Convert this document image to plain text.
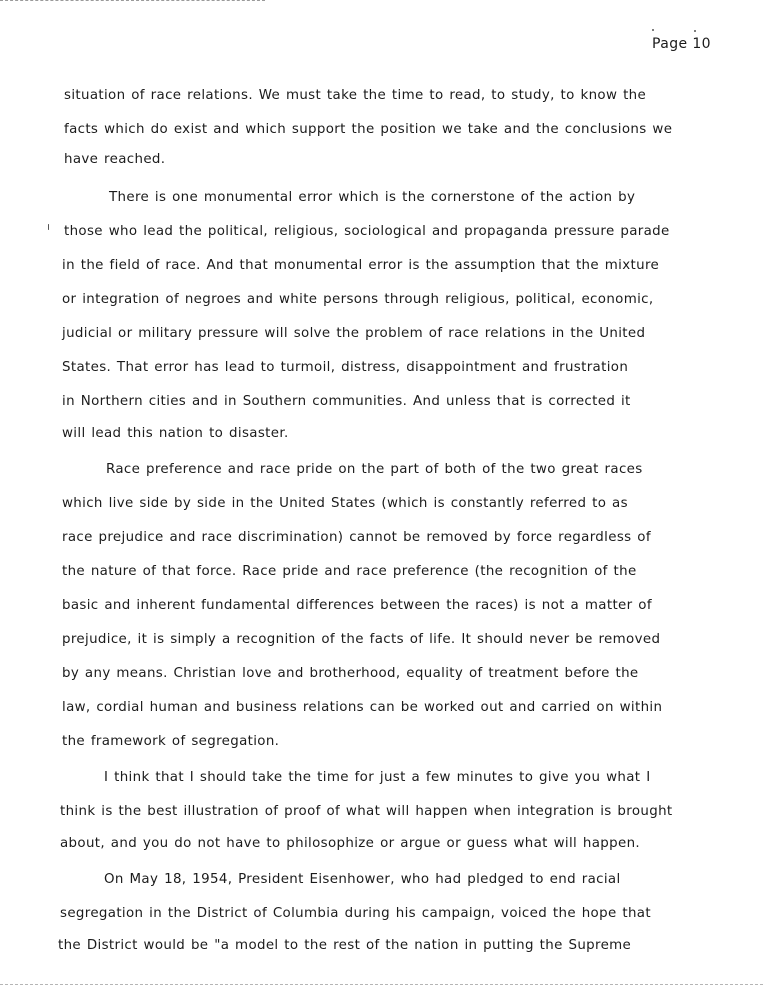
Page 10

situation of race relations. We must take the time to read, to study, to know the

facts which do exist and which support the position we take and the conclusions we

have reached.

There is one monumental error which is the cornerstone of the action by

those who lead the political, religious, sociological and propaganda pressure parade

in the field of race. And that monumental error is the assumption that the mixture

or integration of negroes and white persons through religious, political, economic,

judicial or military pressure will solve the problem of race relations in the United

States. That error has lead to turmoil, distress, disappointment and frustration

in Northern cities and in Southern communities. And unless that is corrected it

will lead this nation to disaster.

Race preference and race pride on the part of both of the two great races

which live side by side in the United States (which is constantly referred to as

race prejudice and race discrimination) cannot be removed by force regardless of

the nature of that force. Race pride and race preference (the recognition of the

basic and inherent fundamental differences between the races) is not a matter of

prejudice, it is simply a recognition of the facts of life. It should never be removed

by any means. Christian love and brotherhood, equality of treatment before the

law, cordial human and business relations can be worked out and carried on within

the framework of segregation.

I think that I should take the time for just a few minutes to give you what I

think is the best illustration of proof of what will happen when integration is brought

about, and you do not have to philosophize or argue or guess what will happen.

On May 18, 1954, President Eisenhower, who had pledged to end racial

segregation in the District of Columbia during his campaign, voiced the hope that

the District would be "a model to the rest of the nation in putting the Supreme
